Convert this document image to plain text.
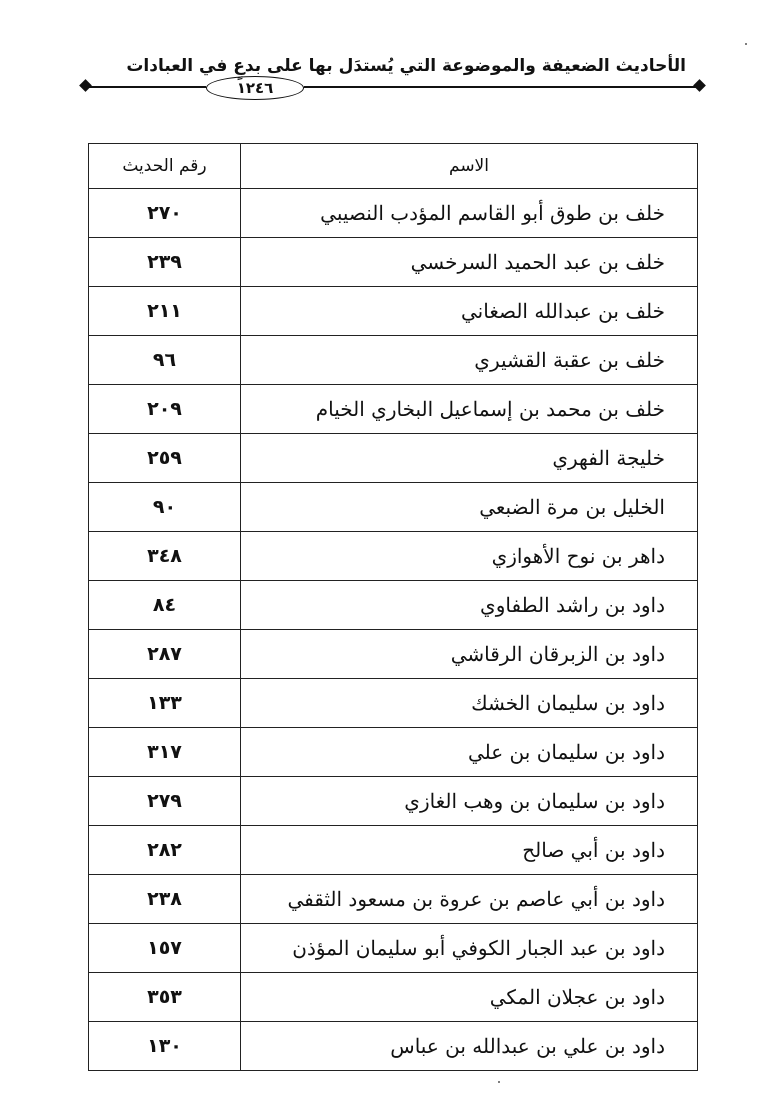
الأحاديث الضعيفة والموضوعة التي يُستدَل بها على بدعٍ في العبادات
١٢٤٦
الاسم	رقم الحديث
خلف بن طوق أبو القاسم المؤدب النصيبي	٢٧٠
خلف بن عبد الحميد السرخسي	٢٣٩
خلف بن عبدالله الصغاني	٢١١
خلف بن عقبة القشيري	٩٦
خلف بن محمد بن إسماعيل البخاري الخيام	٢٠٩
خليجة الفهري	٢٥٩
الخليل بن مرة الضبعي	٩٠
داهر بن نوح الأهوازي	٣٤٨
داود بن راشد الطفاوي	٨٤
داود بن الزبرقان الرقاشي	٢٨٧
داود بن سليمان الخشك	١٣٣
داود بن سليمان بن علي	٣١٧
داود بن سليمان بن وهب الغازي	٢٧٩
داود بن أبي صالح	٢٨٢
داود بن أبي عاصم بن عروة بن مسعود الثقفي	٢٣٨
داود بن عبد الجبار الكوفي أبو سليمان المؤذن	١٥٧
داود بن عجلان المكي	٣٥٣
داود بن علي بن عبدالله بن عباس	١٣٠
